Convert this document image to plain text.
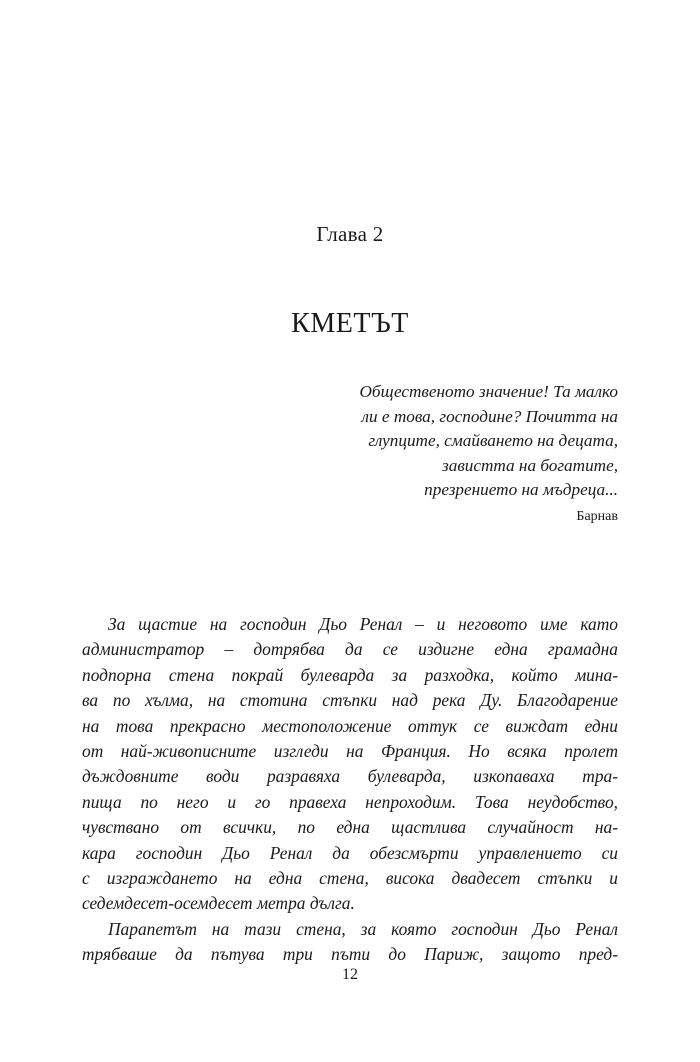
Глава 2
КМЕТЪТ
Общественото значение! Та малко
ли е това, господине? Почитта на
глупците, смайването на децата,
завистта на богатите,
презрението на мъдреца...
Барнав
За щастие на господин Дьо Ренал – и неговото име като
администратор – дотрябва да се издигне една грамадна
подпорна стена покрай булеварда за разходка, който мина-
ва по хълма, на стотина стъпки над река Ду. Благодарение
на това прекрасно местоположение оттук се виждат едни
от най-живописните изгледи на Франция. Но всяка пролет
дъждовните води разравяха булеварда, изкопаваха тра-
пища по него и го правеха непроходим. Това неудобство,
чувствано от всички, по една щастлива случайност на-
кара господин Дьо Ренал да обезсмърти управлението си
с изграждането на една стена, висока двадесет стъпки и
седемдесет-осемдесет метра дълга.
Парапетът на тази стена, за която господин Дьо Ренал
трябваше да пътува три пъти до Париж, защото пред-
12
